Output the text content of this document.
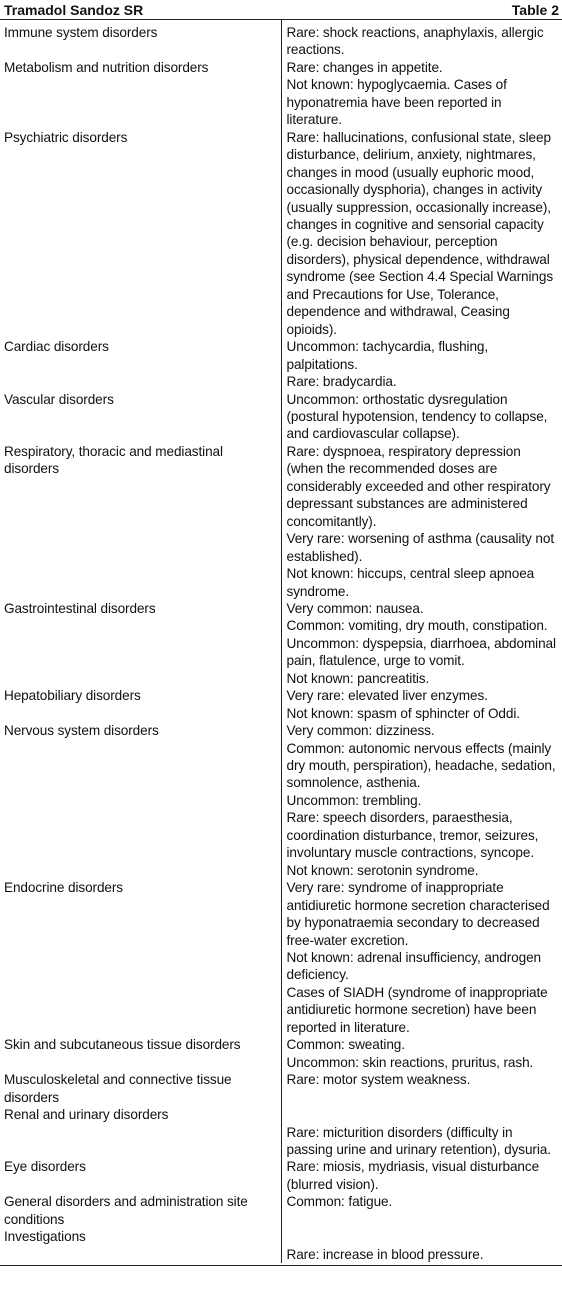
Tramadol Sandoz SR	Table 2
Immune system disorders	Rare: shock reactions, anaphylaxis, allergic reactions.

Metabolism and nutrition disorders	Rare: changes in appetite.
Not known: hypoglycaemia. Cases of hyponatremia have been reported in literature.

Psychiatric disorders	Rare: hallucinations, confusional state, sleep disturbance, delirium, anxiety, nightmares, changes in mood (usually euphoric mood, occasionally dysphoria), changes in activity (usually suppression, occasionally increase), changes in cognitive and sensorial capacity (e.g. decision behaviour, perception disorders), physical dependence, withdrawal syndrome (see Section 4.4 Special Warnings and Precautions for Use, Tolerance, dependence and withdrawal, Ceasing opioids).

Cardiac disorders	Uncommon: tachycardia, flushing, palpitations.
Rare: bradycardia.

Vascular disorders	Uncommon: orthostatic dysregulation (postural hypotension, tendency to collapse, and cardiovascular collapse).

Respiratory, thoracic and mediastinal disorders	Rare: dyspnoea, respiratory depression (when the recommended doses are considerably exceeded and other respiratory depressant substances are administered concomitantly).
Very rare: worsening of asthma (causality not established).
Not known: hiccups, central sleep apnoea syndrome.

Gastrointestinal disorders	Very common: nausea.
Common: vomiting, dry mouth, constipation.
Uncommon: dyspepsia, diarrhoea, abdominal pain, flatulence, urge to vomit.
Not known: pancreatitis.

Hepatobiliary disorders	Very rare: elevated liver enzymes.
Not known: spasm of sphincter of Oddi.

Nervous system disorders	Very common: dizziness.
Common: autonomic nervous effects (mainly dry mouth, perspiration), headache, sedation, somnolence, asthenia.
Uncommon: trembling.
Rare: speech disorders, paraesthesia, coordination disturbance, tremor, seizures, involuntary muscle contractions, syncope.
Not known: serotonin syndrome.

Endocrine disorders	Very rare: syndrome of inappropriate antidiuretic hormone secretion characterised by hyponatraemia secondary to decreased free-water excretion.
Not known: adrenal insufficiency, androgen deficiency.
Cases of SIADH (syndrome of inappropriate antidiuretic hormone secretion) have been reported in literature.

Skin and subcutaneous tissue disorders	Common: sweating.
Uncommon: skin reactions, pruritus, rash.

Musculoskeletal and connective tissue disorders	Rare: motor system weakness.

Renal and urinary disorders	Rare: micturition disorders (difficulty in passing urine and urinary retention), dysuria.

Eye disorders	Rare: miosis, mydriasis, visual disturbance (blurred vision).

General disorders and administration site conditions	Common: fatigue.

Investigations	Rare: increase in blood pressure.
